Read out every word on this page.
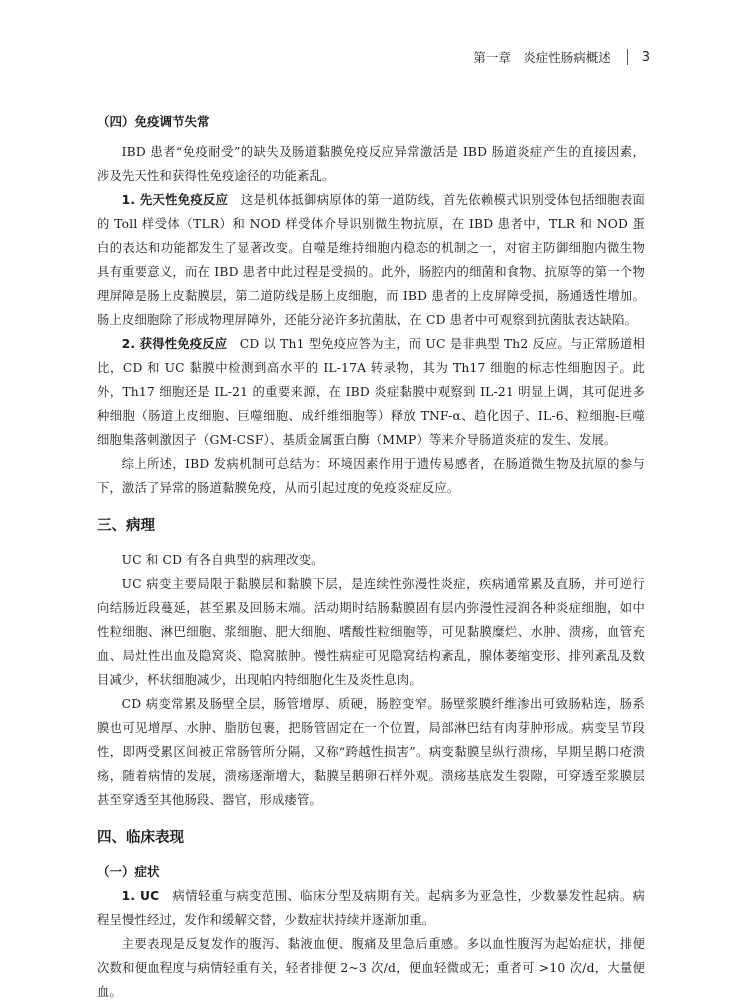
第一章　炎症性肠病概述 3
（四）免疫调节失常

IBD 患者“免疫耐受”的缺失及肠道黏膜免疫反应异常激活是 IBD 肠道炎症产生的直接因素，涉及先天性和获得性免疫途径的功能紊乱。

1. 先天性免疫反应　这是机体抵御病原体的第一道防线，首先依赖模式识别受体包括细胞表面的 Toll 样受体（TLR）和 NOD 样受体介导识别微生物抗原，在 IBD 患者中，TLR 和 NOD 蛋白的表达和功能都发生了显著改变。自噬是维持细胞内稳态的机制之一，对宿主防御细胞内微生物具有重要意义，而在 IBD 患者中此过程是受损的。此外，肠腔内的细菌和食物、抗原等的第一个物理屏障是肠上皮黏膜层，第二道防线是肠上皮细胞，而 IBD 患者的上皮屏障受损，肠通透性增加。肠上皮细胞除了形成物理屏障外，还能分泌许多抗菌肽，在 CD 患者中可观察到抗菌肽表达缺陷。

2. 获得性免疫反应　CD 以 Th1 型免疫应答为主，而 UC 是非典型 Th2 反应。与正常肠道相比，CD 和 UC 黏膜中检测到高水平的 IL-17A 转录物，其为 Th17 细胞的标志性细胞因子。此外，Th17 细胞还是 IL-21 的重要来源，在 IBD 炎症黏膜中观察到 IL-21 明显上调，其可促进多种细胞（肠道上皮细胞、巨噬细胞、成纤维细胞等）释放 TNF-α、趋化因子、IL-6、粒细胞-巨噬细胞集落刺激因子（GM-CSF）、基质金属蛋白酶（MMP）等来介导肠道炎症的发生、发展。

综上所述，IBD 发病机制可总结为：环境因素作用于遗传易感者，在肠道微生物及抗原的参与下，激活了异常的肠道黏膜免疫，从而引起过度的免疫炎症反应。

三、病理

UC 和 CD 有各自典型的病理改变。

UC 病变主要局限于黏膜层和黏膜下层，是连续性弥漫性炎症，疾病通常累及直肠，并可逆行向结肠近段蔓延，甚至累及回肠末端。活动期时结肠黏膜固有层内弥漫性浸润各种炎症细胞，如中性粒细胞、淋巴细胞、浆细胞、肥大细胞、嗜酸性粒细胞等，可见黏膜糜烂、水肿、溃疡，血管充血、局灶性出血及隐窝炎、隐窝脓肿。慢性病症可见隐窝结构紊乱，腺体萎缩变形、排列紊乱及数目减少，杯状细胞减少，出现帕内特细胞化生及炎性息肉。

CD 病变常累及肠壁全层，肠管增厚、质硬，肠腔变窄。肠壁浆膜纤维渗出可致肠粘连，肠系膜也可见增厚、水肿、脂肪包裹，把肠管固定在一个位置，局部淋巴结有肉芽肿形成。病变呈节段性，即两受累区间被正常肠管所分隔，又称“跨越性损害”。病变黏膜呈纵行溃疡，早期呈鹅口疮溃疡，随着病情的发展，溃疡逐渐增大，黏膜呈鹅卵石样外观。溃疡基底发生裂隙，可穿透至浆膜层甚至穿透至其他肠段、器官，形成瘘管。

四、临床表现
（一）症状

1. UC　病情轻重与病变范围、临床分型及病期有关。起病多为亚急性，少数暴发性起病。病程呈慢性经过，发作和缓解交替，少数症状持续并逐渐加重。

主要表现是反复发作的腹泻、黏液血便、腹痛及里急后重感。多以血性腹泻为起始症状，排便次数和便血程度与病情轻重有关，轻者排便 2~3 次/d，便血轻微或无；重者可 >10 次/d，大量便血。
